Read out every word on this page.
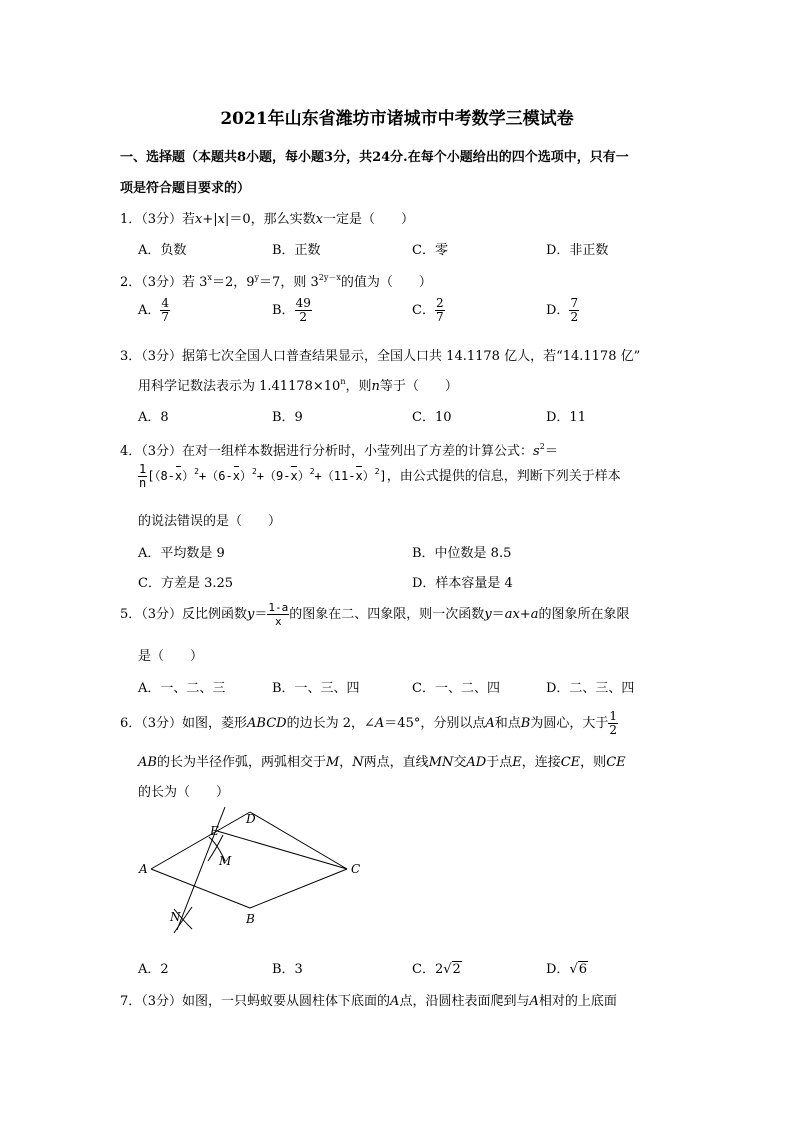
2021年山东省潍坊市诸城市中考数学三模试卷
一、选择题（本题共8小题，每小题3分，共24分.在每个小题给出的四个选项中，只有一
项是符合题目要求的）
1．（3分）若x+|x|＝0，那么实数x一定是（　　）
A．负数	B．正数	C．零	D．非正数
2．（3分）若 $3^x=2$，$9^y=7$，则 $3^{2y-x}$的值为（　　）
A． $\frac{4}{7}$	B． $\frac{49}{2}$	C． $\frac{2}{7}$	D． $\frac{7}{2}$
3．（3分）据第七次全国人口普查结果显示，全国人口共 14.1178 亿人，若“14.1178 亿”
用科学记数法表示为 $1.41178\times 10^n$，则n等于（　　）
A．8	B．9	C．10	D．11
4．（3分）在对一组样本数据进行分析时，小莹列出了方差的计算公式：$s^2=$
$\frac{1}{n} [(8-x)^2+(6-x)^2+(9-x)^2+(11-x)^2]$，由公式提供的信息，判断下列关于样本
的说法错误的是（　　）
A．平均数是 9	B．中位数是 8.5
C．方差是 3.25	D．样本容量是 4
5．（3分）反比例函数$y= \frac{1-a}{x}$ 的图象在二、四象限，则一次函数y＝ax+a的图象所在象限
是（　　）
A．一、二、三	B．一、三、四	C．一、二、四	D．二、三、四
6．（3分）如图，菱形ABCD的边长为 2，∠A＝45°，分别以点A和点B为圆心，大于 $\frac{1}{2}$
AB的长为半径作弧，两弧相交于M，N两点，直线MN交AD于点E，连接CE，则CE
的长为（　　）
A
B
C
D
E
M
N
A．2	B．3	C．2√2	D．√6
7．（3分）如图，一只蚂蚁要从圆柱体下底面的A点，沿圆柱表面爬到与A相对的上底面
